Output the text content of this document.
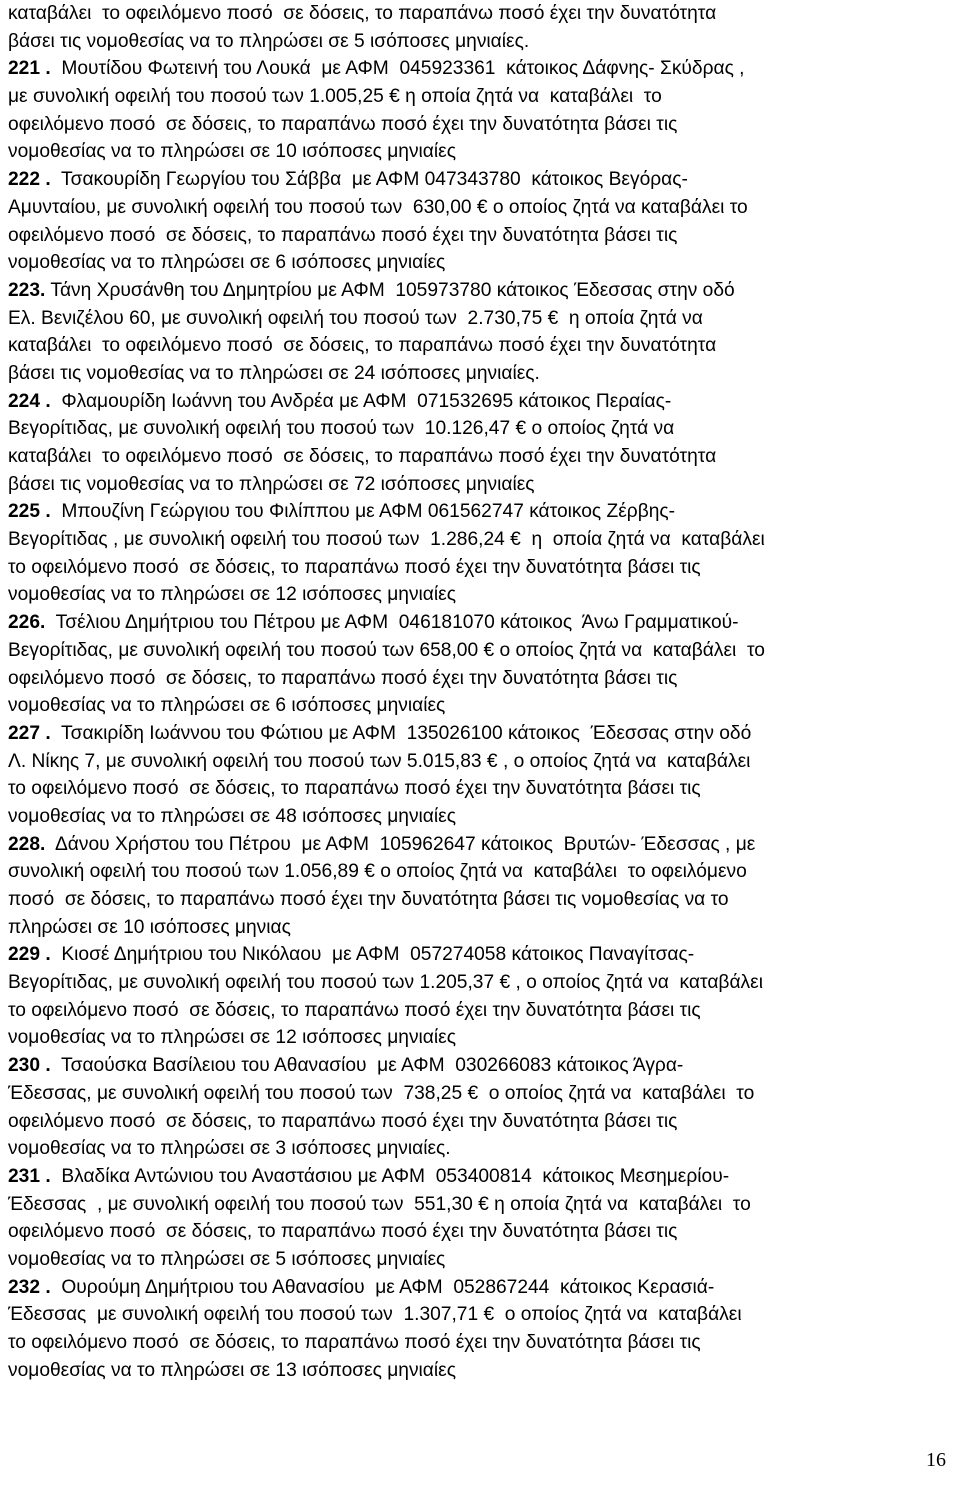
καταβάλει  το οφειλόμενο ποσό  σε δόσεις, το παραπάνω ποσό έχει την δυνατότητα
βάσει τις νομοθεσίας να το πληρώσει σε 5 ισόποσες μηνιαίες.
221 .  Μουτίδου Φωτεινή του Λουκά  με ΑΦΜ  045923361  κάτοικος Δάφνης- Σκύδρας ,
με συνολική οφειλή του ποσού των 1.005,25 € η οποία ζητά να  καταβάλει  το
οφειλόμενο ποσό  σε δόσεις, το παραπάνω ποσό έχει την δυνατότητα βάσει τις
νομοθεσίας να το πληρώσει σε 10 ισόποσες μηνιαίες
222 .  Τσακουρίδη Γεωργίου του Σάββα  με ΑΦΜ 047343780  κάτοικος Βεγόρας-
Αμυνταίου, με συνολική οφειλή του ποσού των  630,00 € ο οποίος ζητά να καταβάλει το
οφειλόμενο ποσό  σε δόσεις, το παραπάνω ποσό έχει την δυνατότητα βάσει τις
νομοθεσίας να το πληρώσει σε 6 ισόποσες μηνιαίες
223. Τάνη Χρυσάνθη του Δημητρίου με ΑΦΜ  105973780 κάτοικος Έδεσσας στην οδό
Ελ. Βενιζέλου 60, με συνολική οφειλή του ποσού των  2.730,75 €  η οποία ζητά να
καταβάλει  το οφειλόμενο ποσό  σε δόσεις, το παραπάνω ποσό έχει την δυνατότητα
βάσει τις νομοθεσίας να το πληρώσει σε 24 ισόποσες μηνιαίες.
224 .  Φλαμουρίδη Ιωάννη του Ανδρέα με ΑΦΜ  071532695 κάτοικος Περαίας-
Βεγορίτιδας, με συνολική οφειλή του ποσού των  10.126,47 € ο οποίος ζητά να
καταβάλει  το οφειλόμενο ποσό  σε δόσεις, το παραπάνω ποσό έχει την δυνατότητα
βάσει τις νομοθεσίας να το πληρώσει σε 72 ισόποσες μηνιαίες
225 .  Μπουζίνη Γεώργιου του Φιλίππου με ΑΦΜ 061562747 κάτοικος Ζέρβης-
Βεγορίτιδας , με συνολική οφειλή του ποσού των  1.286,24 €  η  οποία ζητά να  καταβάλει
το οφειλόμενο ποσό  σε δόσεις, το παραπάνω ποσό έχει την δυνατότητα βάσει τις
νομοθεσίας να το πληρώσει σε 12 ισόποσες μηνιαίες
226.  Τσέλιου Δημήτριου του Πέτρου με ΑΦΜ  046181070 κάτοικος  Άνω Γραμματικού-
Βεγορίτιδας, με συνολική οφειλή του ποσού των 658,00 € ο οποίος ζητά να  καταβάλει  το
οφειλόμενο ποσό  σε δόσεις, το παραπάνω ποσό έχει την δυνατότητα βάσει τις
νομοθεσίας να το πληρώσει σε 6 ισόποσες μηνιαίες
227 .  Τσακιρίδη Ιωάννου του Φώτιου με ΑΦΜ  135026100 κάτοικος  Έδεσσας στην οδό
Λ. Νίκης 7, με συνολική οφειλή του ποσού των 5.015,83 € , ο οποίος ζητά να  καταβάλει
το οφειλόμενο ποσό  σε δόσεις, το παραπάνω ποσό έχει την δυνατότητα βάσει τις
νομοθεσίας να το πληρώσει σε 48 ισόποσες μηνιαίες
228.  Δάνου Χρήστου του Πέτρου  με ΑΦΜ  105962647 κάτοικος  Βρυτών- Έδεσσας , με
συνολική οφειλή του ποσού των 1.056,89 € ο οποίος ζητά να  καταβάλει  το οφειλόμενο
ποσό  σε δόσεις, το παραπάνω ποσό έχει την δυνατότητα βάσει τις νομοθεσίας να το
πληρώσει σε 10 ισόποσες μηνιας
229 .  Κιοσέ Δημήτριου του Νικόλαου  με ΑΦΜ  057274058 κάτοικος Παναγίτσας-
Βεγορίτιδας, με συνολική οφειλή του ποσού των 1.205,37 € , ο οποίος ζητά να  καταβάλει
το οφειλόμενο ποσό  σε δόσεις, το παραπάνω ποσό έχει την δυνατότητα βάσει τις
νομοθεσίας να το πληρώσει σε 12 ισόποσες μηνιαίες
230 .  Τσαούσκα Βασίλειου του Αθανασίου  με ΑΦΜ  030266083 κάτοικος Άγρα-
Έδεσσας, με συνολική οφειλή του ποσού των  738,25 €  ο οποίος ζητά να  καταβάλει  το
οφειλόμενο ποσό  σε δόσεις, το παραπάνω ποσό έχει την δυνατότητα βάσει τις
νομοθεσίας να το πληρώσει σε 3 ισόποσες μηνιαίες.
231 .  Βλαδίκα Αντώνιου του Αναστάσιου με ΑΦΜ  053400814  κάτοικος Μεσημερίου-
Έδεσσας  , με συνολική οφειλή του ποσού των  551,30 € η οποία ζητά να  καταβάλει  το
οφειλόμενο ποσό  σε δόσεις, το παραπάνω ποσό έχει την δυνατότητα βάσει τις
νομοθεσίας να το πληρώσει σε 5 ισόποσες μηνιαίες
232 .  Ουρούμη Δημήτριου του Αθανασίου  με ΑΦΜ  052867244  κάτοικος Κερασιά-
Έδεσσας  με συνολική οφειλή του ποσού των  1.307,71 €  ο οποίος ζητά να  καταβάλει
το οφειλόμενο ποσό  σε δόσεις, το παραπάνω ποσό έχει την δυνατότητα βάσει τις
νομοθεσίας να το πληρώσει σε 13 ισόποσες μηνιαίες
16
